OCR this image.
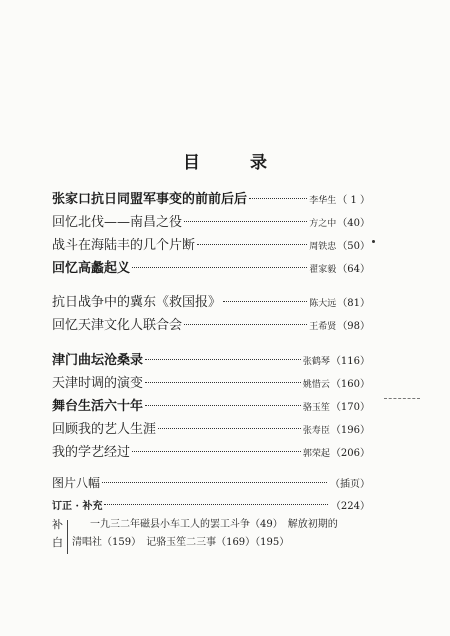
目 录
张家口抗日同盟军事变的前前后后	李华生 （ 1 ）
回忆北伐——南昌之役	方之中 （40）
战斗在海陆丰的几个片断	周铁忠 （50）
回忆高蠡起义	翟家毅 （64）
抗日战争中的冀东《救国报》	陈大远 （81）
回忆天津文化人联合会	王希贤 （98）
津门曲坛沧桑录	张鹤琴 （116）
天津时调的演变	姚惜云 （160）
舞台生活六十年	骆玉笙 （170）
回顾我的艺人生涯	张寿臣 （196）
我的学艺经过	郭荣起 （206）
图片八幅	（插页）
订正 · 补充	（224）
补
白
一九三二年磁县小车工人的罢工斗争（49）　解放初期的
清唱社（159）　记骆玉笙二三事（169）（195）
